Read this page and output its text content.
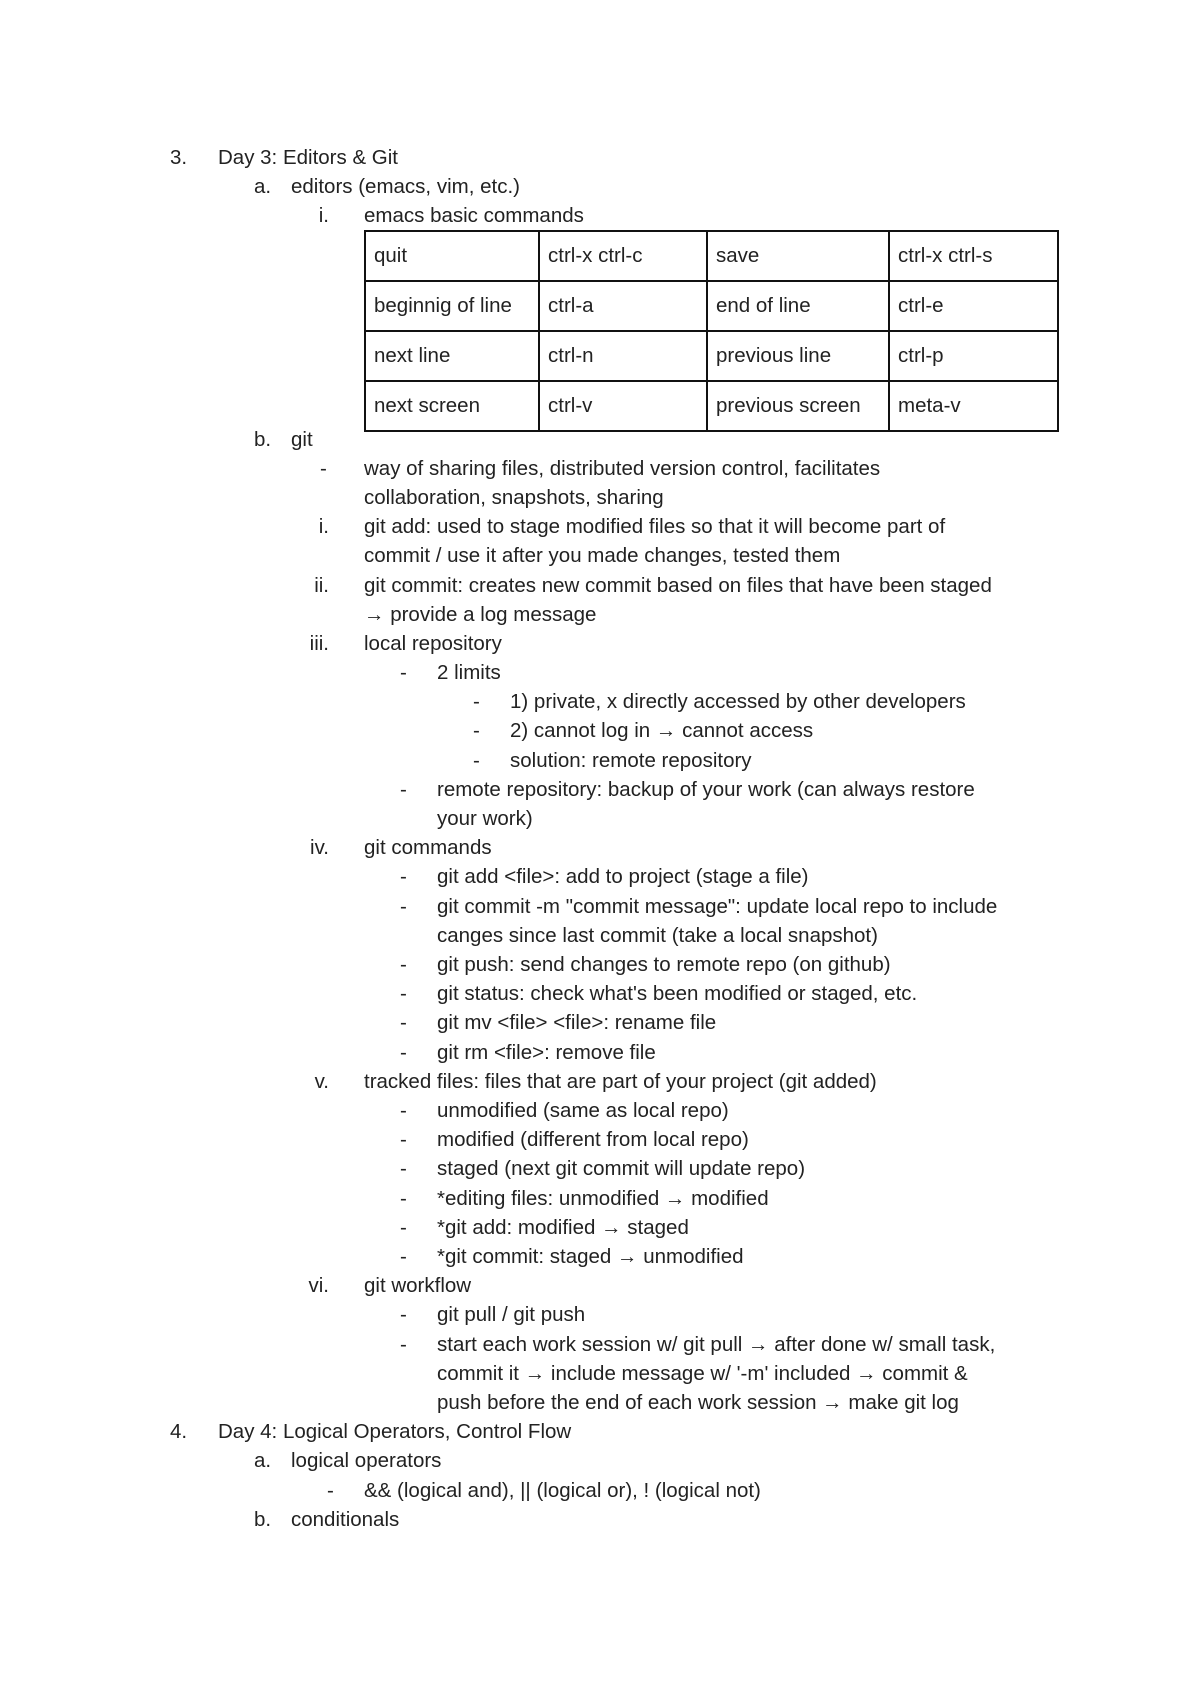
3.	Day 3: Editors & Git
a. editors (emacs, vim, etc.)
i. emacs basic commands
quit	ctrl-x ctrl-c	save	ctrl-x ctrl-s
beginnig of line	ctrl-a	end of line	ctrl-e
next line	ctrl-n	previous line	ctrl-p
next screen	ctrl-v	previous screen	meta-v
b. git
-	way of sharing files, distributed version control, facilitates
collaboration, snapshots, sharing
i. git add: used to stage modified files so that it will become part of
commit / use it after you made changes, tested them
ii. git commit: creates new commit based on files that have been staged
→ provide a log message
iii. local repository
-	2 limits
-	1) private, x directly accessed by other developers
-	2) cannot log in → cannot access
-	solution: remote repository
-	remote repository: backup of your work (can always restore
your work)
iv. git commands
-	git add <file>: add to project (stage a file)
-	git commit -m "commit message": update local repo to include
canges since last commit (take a local snapshot)
-	git push: send changes to remote repo (on github)
-	git status: check what's been modified or staged, etc.
-	git mv <file> <file>: rename file
-	git rm <file>: remove file
v. tracked files: files that are part of your project (git added)
-	unmodified (same as local repo)
-	modified (different from local repo)
-	staged (next git commit will update repo)
-	*editing files: unmodified → modified
-	*git add: modified → staged
-	*git commit: staged → unmodified
vi. git workflow
-	git pull / git push
-	start each work session w/ git pull → after done w/ small task,
commit it → include message w/ '-m' included → commit &
push before the end of each work session → make git log
4.	Day 4: Logical Operators, Control Flow
a. logical operators
-	&& (logical and), || (logical or), ! (logical not)
b. conditionals
